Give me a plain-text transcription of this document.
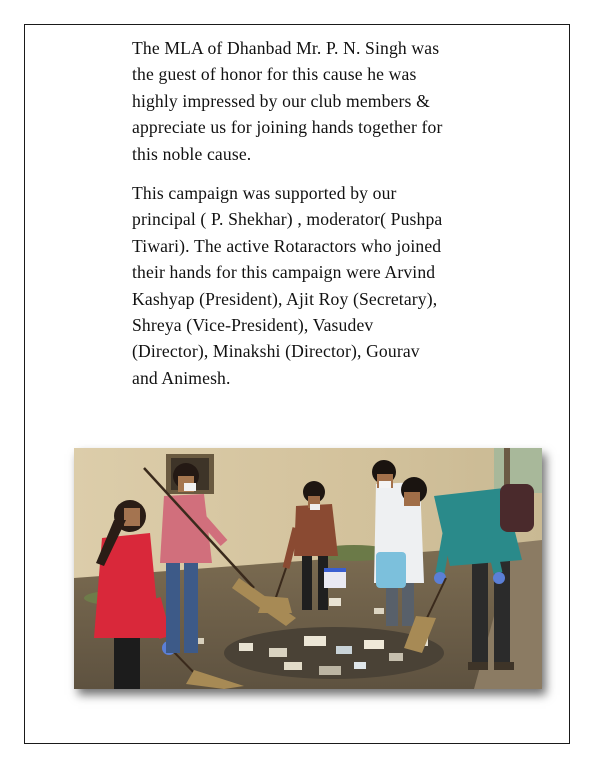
The MLA of Dhanbad Mr. P. N. Singh was
the guest of honor for this cause he was
highly impressed by our club members &
appreciate us for joining hands together for
this noble cause.
This campaign was supported by our
principal ( P. Shekhar) , moderator( Pushpa
Tiwari). The active Rotaractors who joined
their hands for this campaign were Arvind
Kashyap (President), Ajit Roy (Secretary),
Shreya (Vice-President), Vasudev
(Director), Minakshi (Director), Gourav
and Animesh.
